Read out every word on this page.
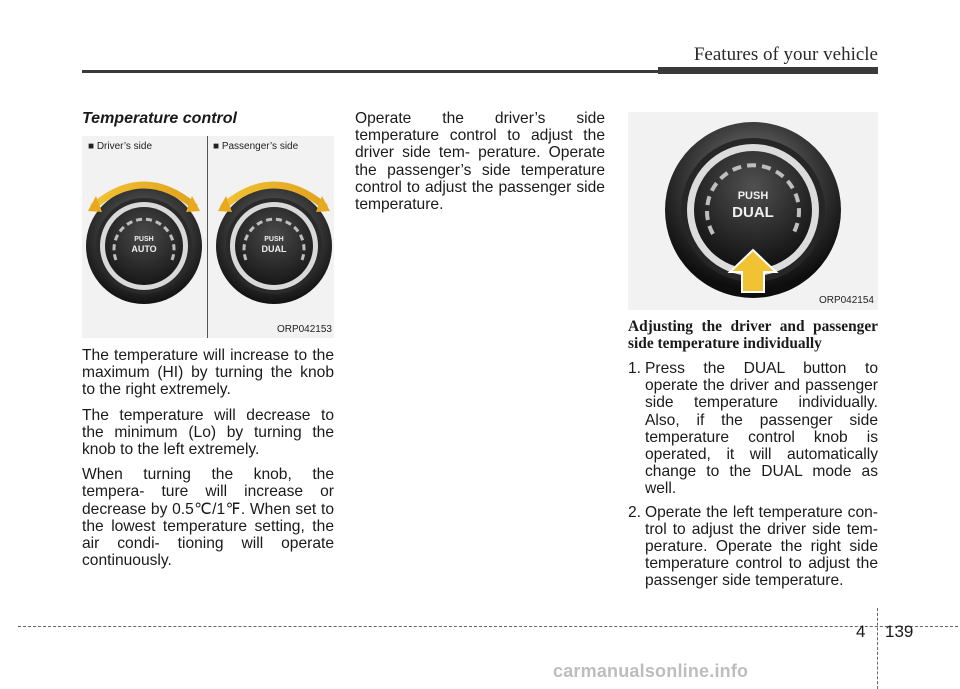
Features of your vehicle
Temperature control
■ Driver’s side	■ Passenger’s side
PUSH
AUTO
PUSH
DUAL
ORP042153

The temperature will increase to the maximum (HI) by turning the knob to the right extremely.

The temperature will decrease to the minimum (Lo) by turning the knob to the left extremely.

When turning the knob, the tempera- ture will increase or decrease by 0.5℃/1℉. When set to the lowest temperature setting, the air condi- tioning will operate continuously.

Operate the driver’s side temperature control to adjust the driver side tem- perature. Operate the passenger’s side temperature control to adjust the passenger side temperature.

PUSH
DUAL
ORP042154
Adjusting the driver and passenger side temperature individually
1. Press the DUAL button to operate the driver and passenger side temperature individually. Also, if the passenger side temperature control knob is operated, it will automatically change to the DUAL mode as well.
2. Operate the left temperature con- trol to adjust the driver side tem- perature. Operate the right side temperature control to adjust the passenger side temperature.
4 139
carmanualsonline.info
